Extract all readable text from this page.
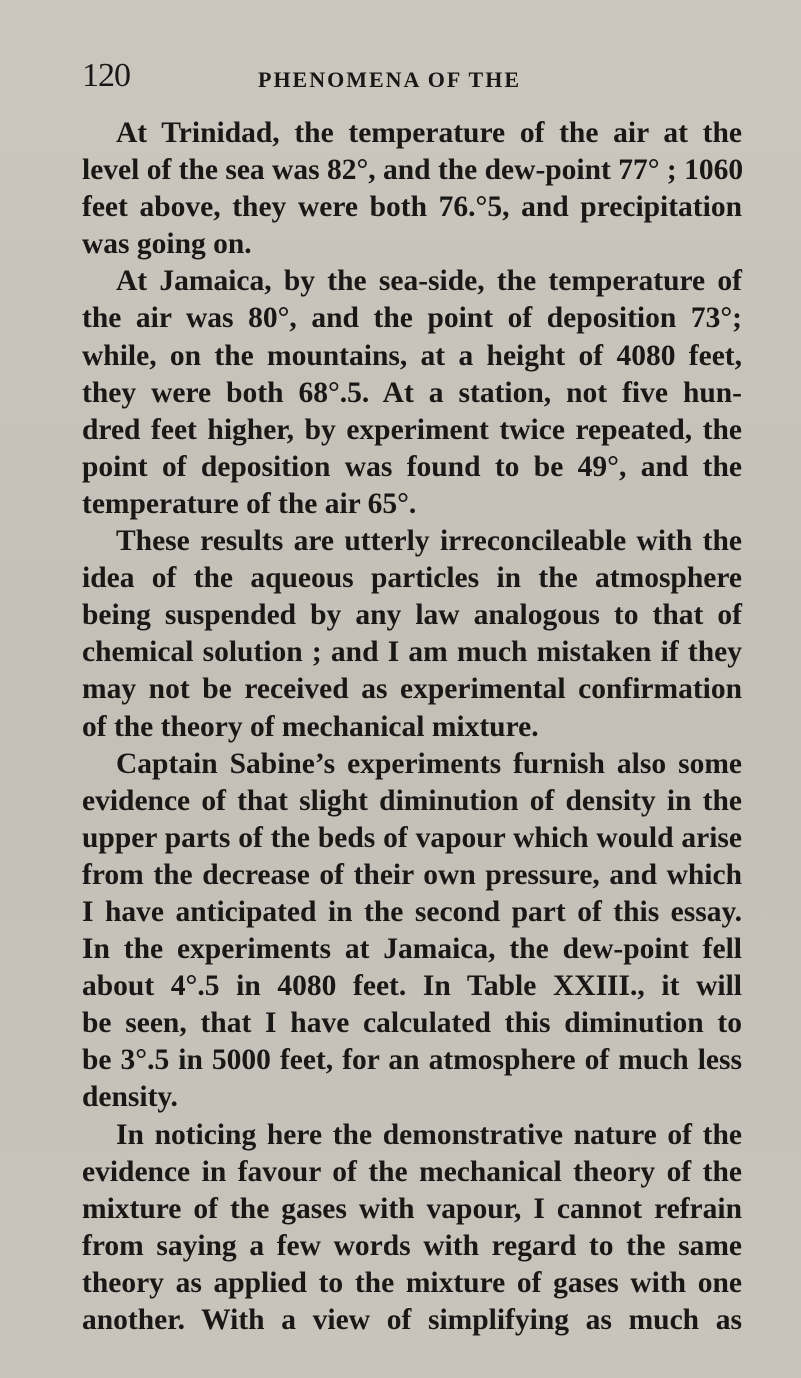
120	PHENOMENA OF THE
At Trinidad, the temperature of the air at the
level of the sea was 82°, and the dew-point 77° ; 1060
feet above, they were both 76.°5, and precipitation
was going on.
At Jamaica, by the sea-side, the temperature of
the air was 80°, and the point of deposition 73°;
while, on the mountains, at a height of 4080 feet,
they were both 68°.5. At a station, not five hun-
dred feet higher, by experiment twice repeated, the
point of deposition was found to be 49°, and the
temperature of the air 65°.
These results are utterly irreconcileable with the
idea of the aqueous particles in the atmosphere
being suspended by any law analogous to that of
chemical solution ; and I am much mistaken if they
may not be received as experimental confirmation
of the theory of mechanical mixture.
Captain Sabine’s experiments furnish also some
evidence of that slight diminution of density in the
upper parts of the beds of vapour which would arise
from the decrease of their own pressure, and which
I have anticipated in the second part of this essay.
In the experiments at Jamaica, the dew-point fell
about 4°.5 in 4080 feet. In Table XXIII., it will
be seen, that I have calculated this diminution to
be 3°.5 in 5000 feet, for an atmosphere of much less
density.
In noticing here the demonstrative nature of the
evidence in favour of the mechanical theory of the
mixture of the gases with vapour, I cannot refrain
from saying a few words with regard to the same
theory as applied to the mixture of gases with one
another. With a view of simplifying as much as
